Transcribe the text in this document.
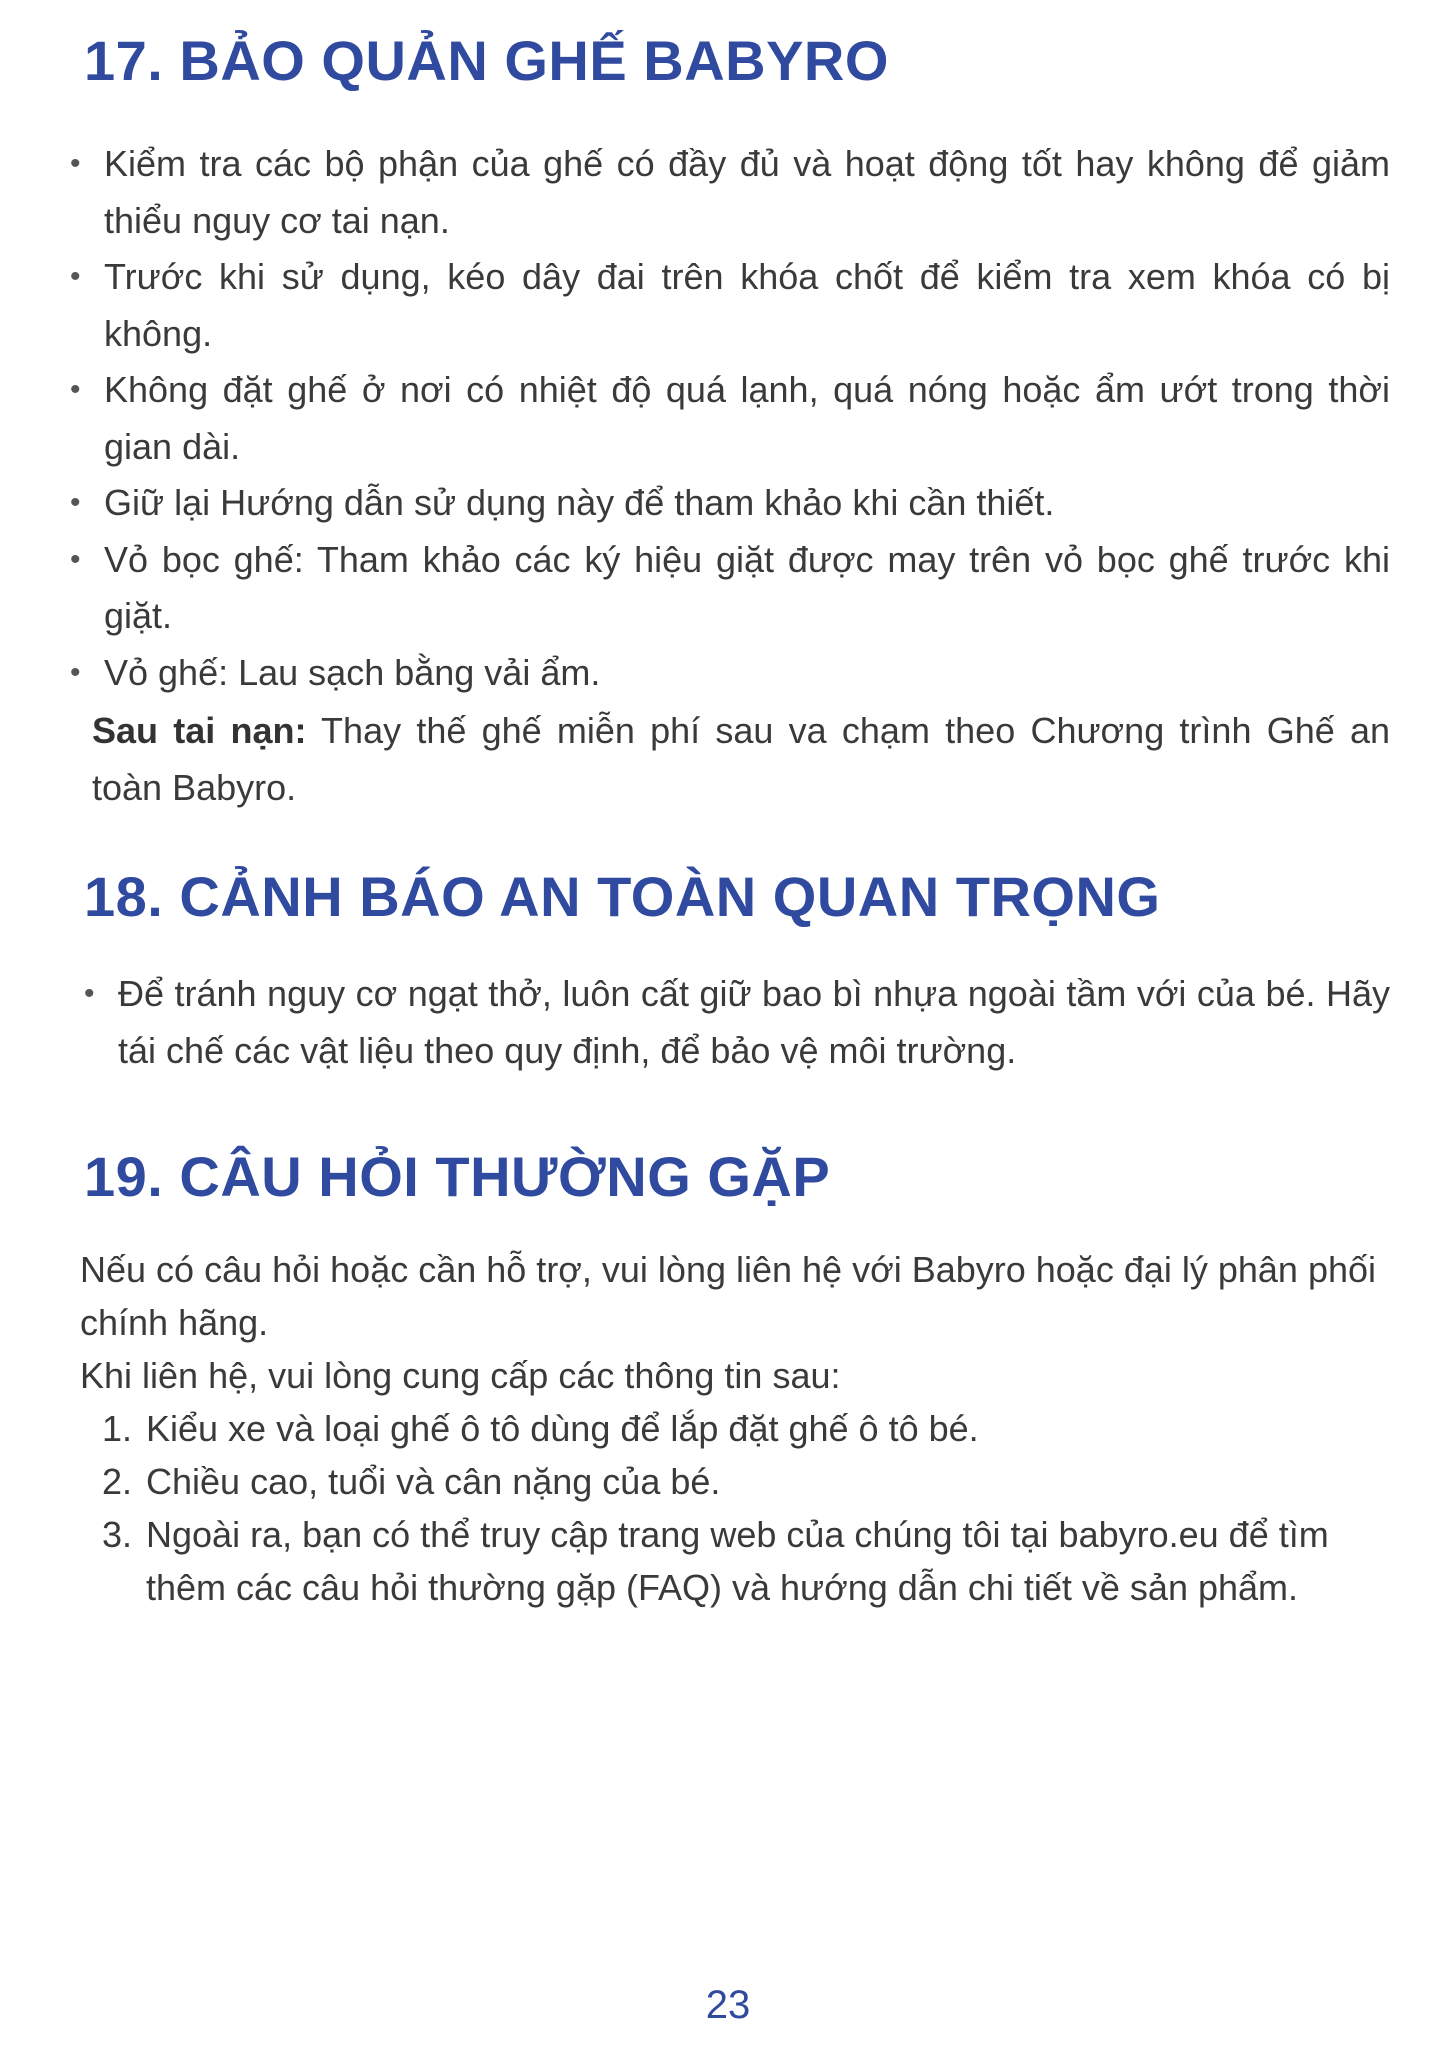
17. BẢO QUẢN GHẾ BABYRO
• Kiểm tra các bộ phận của ghế có đầy đủ và hoạt động tốt hay không để giảm thiểu nguy cơ tai nạn.
• Trước khi sử dụng, kéo dây đai trên khóa chốt để kiểm tra xem khóa có bị không.
• Không đặt ghế ở nơi có nhiệt độ quá lạnh, quá nóng hoặc ẩm ướt trong thời gian dài.
• Giữ lại Hướng dẫn sử dụng này để tham khảo khi cần thiết.
• Vỏ bọc ghế: Tham khảo các ký hiệu giặt được may trên vỏ bọc ghế trước khi giặt.
• Vỏ ghế: Lau sạch bằng vải ẩm.

Sau tai nạn: Thay thế ghế miễn phí sau va chạm theo Chương trình Ghế an toàn Babyro.

18. CẢNH BÁO AN TOÀN QUAN TRỌNG
• Để tránh nguy cơ ngạt thở, luôn cất giữ bao bì nhựa ngoài tầm với của bé. Hãy tái chế các vật liệu theo quy định, để bảo vệ môi trường.
19. CÂU HỎI THƯỜNG GẶP

Nếu có câu hỏi hoặc cần hỗ trợ, vui lòng liên hệ với Babyro hoặc đại lý phân phối chính hãng.

Khi liên hệ, vui lòng cung cấp các thông tin sau:

1. Kiểu xe và loại ghế ô tô dùng để lắp đặt ghế ô tô bé.
2. Chiều cao, tuổi và cân nặng của bé.
3. Ngoài ra, bạn có thể truy cập trang web của chúng tôi tại babyro.eu để tìm thêm các câu hỏi thường gặp (FAQ) và hướng dẫn chi tiết về sản phẩm.
23
